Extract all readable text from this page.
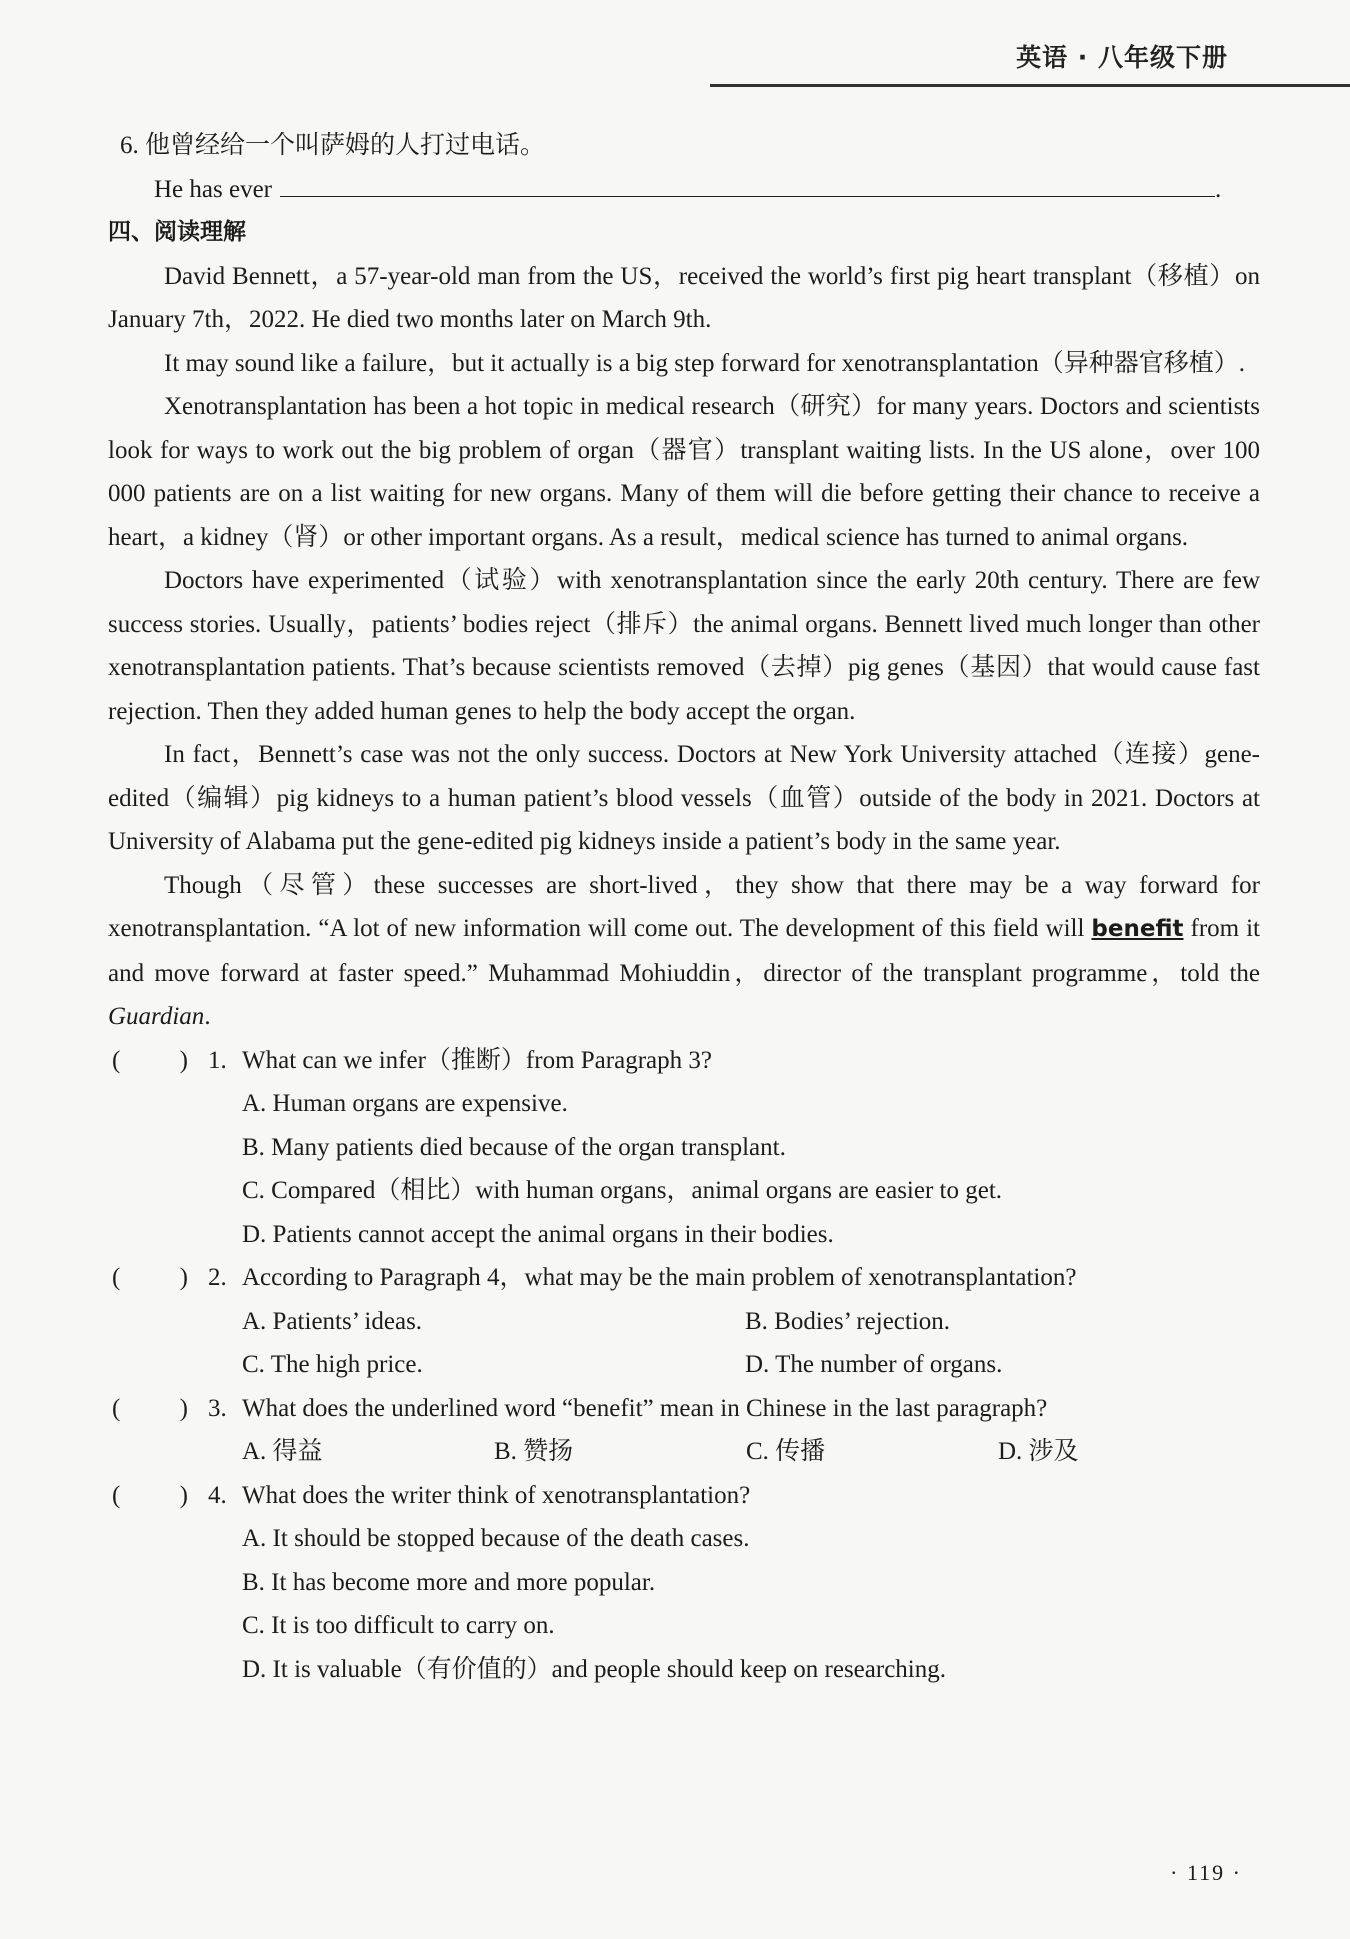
英语 · 八年级下册

6. 他曾经给一个叫萨姆的人打过电话。

He has ever	.

四、阅读理解

David Bennett，a 57-year-old man from the US，received the world’s first pig heart transplant（移植）on January 7th，2022. He died two months later on March 9th.

It may sound like a failure，but it actually is a big step forward for xenotransplantation（异种器官移植）.

Xenotransplantation has been a hot topic in medical research（研究）for many years. Doctors and scientists look for ways to work out the big problem of organ（器官）transplant waiting lists. In the US alone，over 100 000 patients are on a list waiting for new organs. Many of them will die before getting their chance to receive a heart，a kidney（肾）or other important organs. As a result，medical science has turned to animal organs.

Doctors have experimented（试验）with xenotransplantation since the early 20th century. There are few success stories. Usually，patients’ bodies reject（排斥）the animal organs. Bennett lived much longer than other xenotransplantation patients. That’s because scientists removed（去掉）pig genes（基因）that would cause fast rejection. Then they added human genes to help the body accept the organ.

In fact，Bennett’s case was not the only success. Doctors at New York University attached（连接）gene-edited（编辑）pig kidneys to a human patient’s blood vessels（血管）outside of the body in 2021. Doctors at University of Alabama put the gene-edited pig kidneys inside a patient’s body in the same year.

Though（尽管）these successes are short-lived，they show that there may be a way forward for xenotransplantation. “A lot of new information will come out. The development of this field will benefit from it and move forward at faster speed.” Muhammad Mohiuddin，director of the transplant programme，told the Guardian.

( ) 1. What can we infer（推断）from Paragraph 3?
A. Human organs are expensive.
B. Many patients died because of the organ transplant.
C. Compared（相比）with human organs，animal organs are easier to get.
D. Patients cannot accept the animal organs in their bodies.
( ) 2. According to Paragraph 4，what may be the main problem of xenotransplantation?
A. Patients’ ideas.	B. Bodies’ rejection.
C. The high price.	D. The number of organs.
( ) 3. What does the underlined word “benefit” mean in Chinese in the last paragraph?
A. 得益	B. 赞扬	C. 传播	D. 涉及
( ) 4. What does the writer think of xenotransplantation?
A. It should be stopped because of the death cases.
B. It has become more and more popular.
C. It is too difficult to carry on.
D. It is valuable（有价值的）and people should keep on researching.
· 119 ·
